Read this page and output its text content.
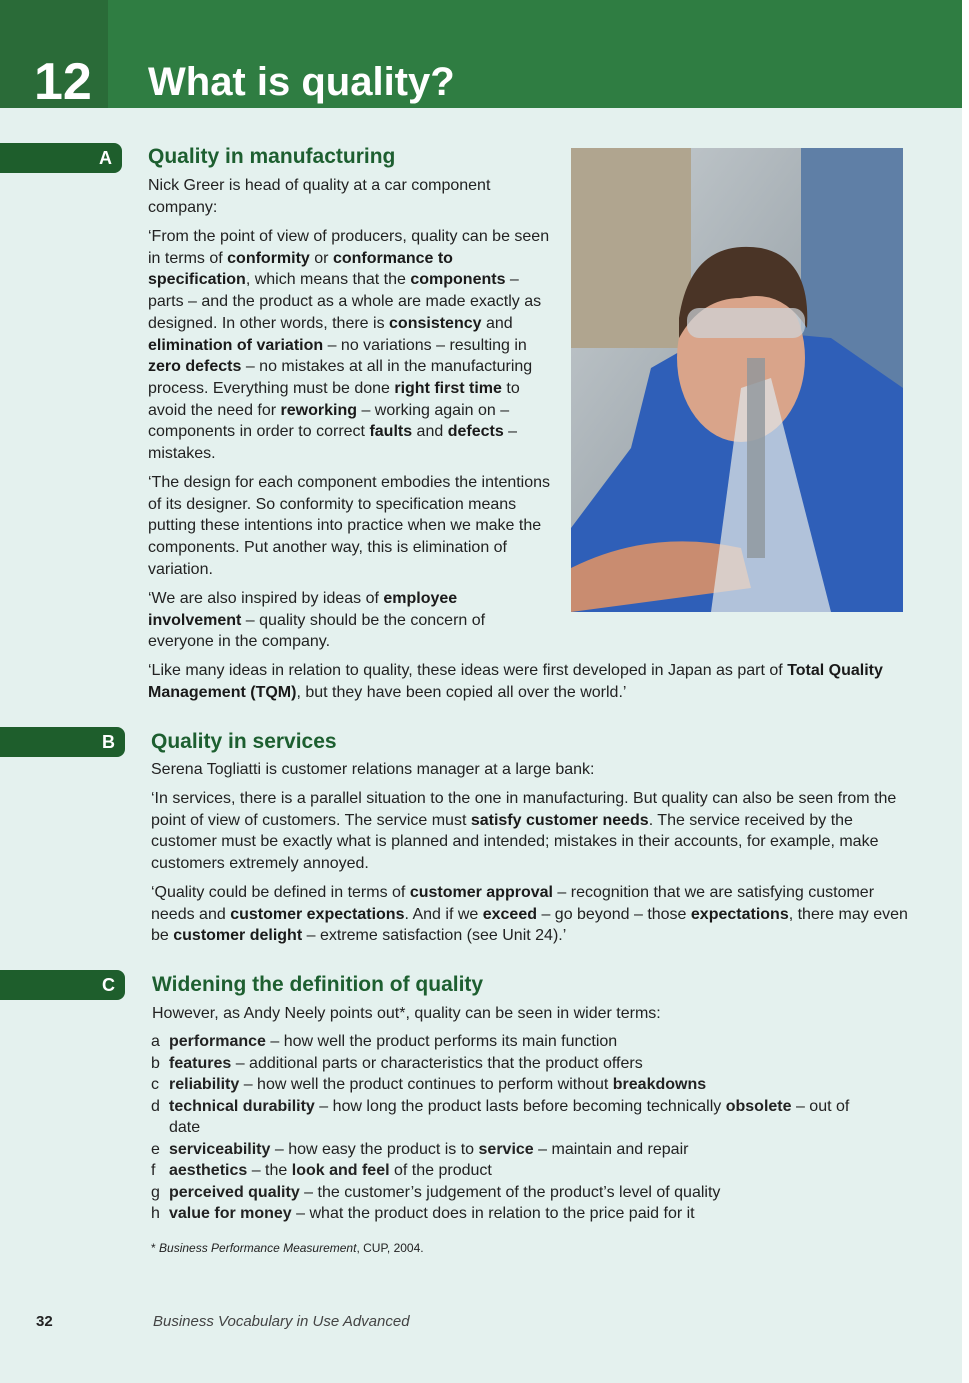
12 What is quality?
A Quality in manufacturing

Nick Greer is head of quality at a car component company:

‘From the point of view of producers, quality can be seen in terms of conformity or conformance to specification, which means that the components – parts – and the product as a whole are made exactly as designed. In other words, there is consistency and elimination of variation – no variations – resulting in zero defects – no mistakes at all in the manufacturing process. Everything must be done right first time to avoid the need for reworking – working again on – components in order to correct faults and defects – mistakes.

‘The design for each component embodies the intentions of its designer. So conformity to specification means putting these intentions into practice when we make the components. Put another way, this is elimination of variation.

‘We are also inspired by ideas of employee involvement – quality should be the concern of everyone in the company.

‘Like many ideas in relation to quality, these ideas were first developed in Japan as part of Total Quality Management (TQM), but they have been copied all over the world.’

B Quality in services

Serena Togliatti is customer relations manager at a large bank:

‘In services, there is a parallel situation to the one in manufacturing. But quality can also be seen from the point of view of customers. The service must satisfy customer needs. The service received by the customer must be exactly what is planned and intended; mistakes in their accounts, for example, make customers extremely annoyed.

‘Quality could be defined in terms of customer approval – recognition that we are satisfying customer needs and customer expectations. And if we exceed – go beyond – those expectations, there may even be customer delight – extreme satisfaction (see Unit 24).’

C Widening the definition of quality

However, as Andy Neely points out*, quality can be seen in wider terms:

a performance – how well the product performs its main function
b features – additional parts or characteristics that the product offers
c reliability – how well the product continues to perform without breakdowns
d technical durability – how long the product lasts before becoming technically obsolete – out of date
e serviceability – how easy the product is to service – maintain and repair
f aesthetics – the look and feel of the product
g perceived quality – the customer’s judgement of the product’s level of quality
h value for money – what the product does in relation to the price paid for it
* Business Performance Measurement, CUP, 2004.
32	Business Vocabulary in Use Advanced
